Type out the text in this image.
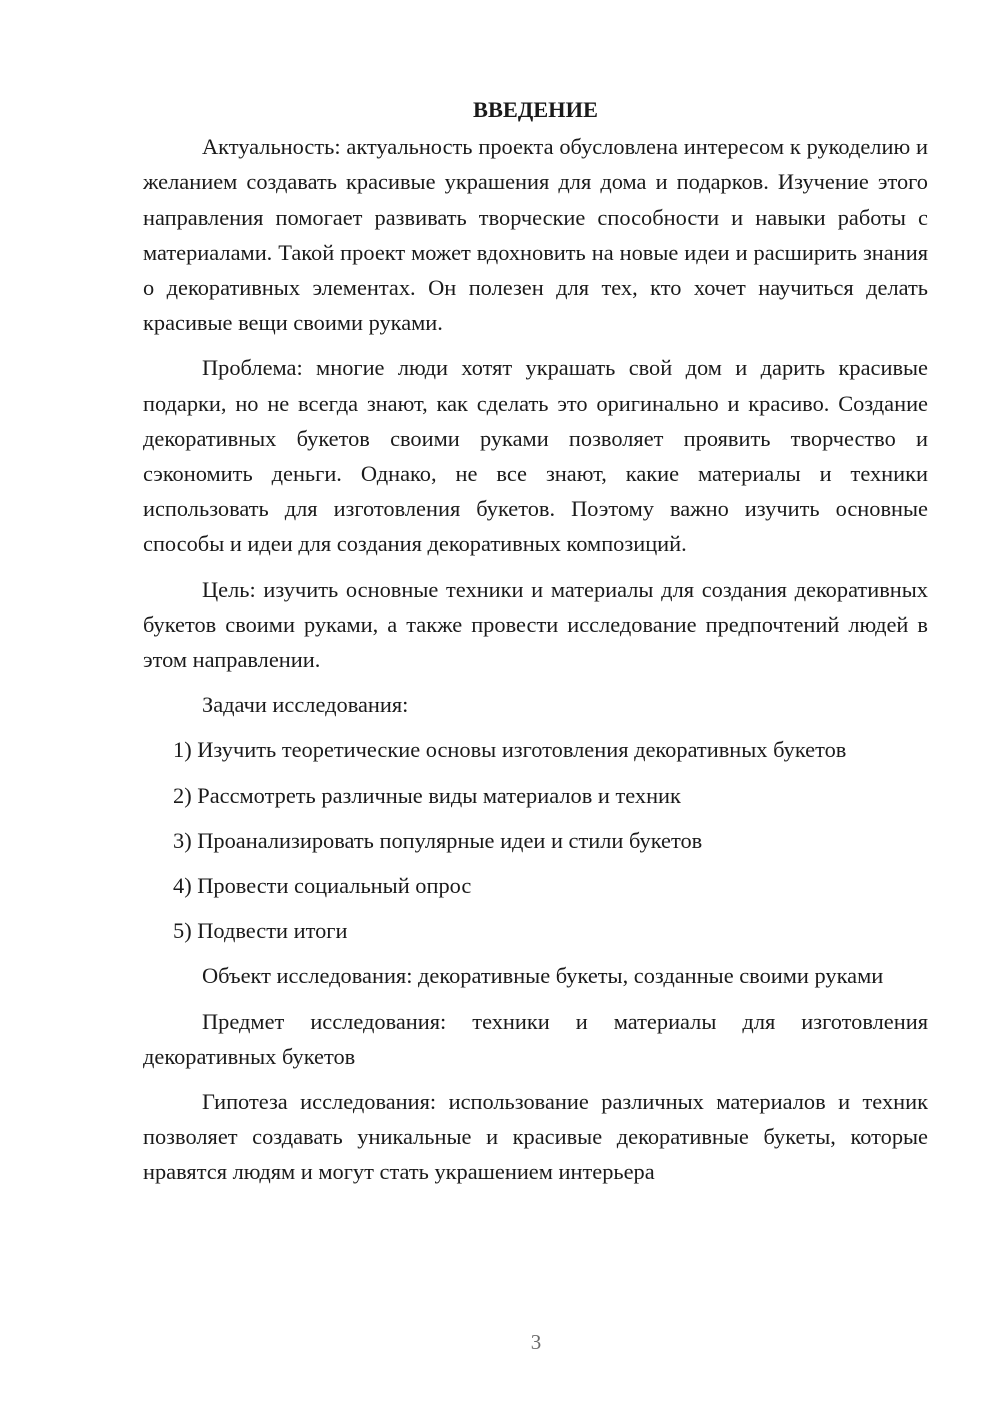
ВВЕДЕНИЕ

Актуальность: актуальность проекта обусловлена интересом к рукоделию и желанием создавать красивые украшения для дома и подарков. Изучение этого направления помогает развивать творческие способности и навыки работы с материалами. Такой проект может вдохновить на новые идеи и расширить знания о декоративных элементах. Он полезен для тех, кто хочет научиться делать красивые вещи своими руками.

Проблема: многие люди хотят украшать свой дом и дарить красивые подарки, но не всегда знают, как сделать это оригинально и красиво. Создание декоративных букетов своими руками позволяет проявить творчество и сэкономить деньги. Однако, не все знают, какие материалы и техники использовать для изготовления букетов. Поэтому важно изучить основные способы и идеи для создания декоративных композиций.

Цель: изучить основные техники и материалы для создания декоративных букетов своими руками, а также провести исследование предпочтений людей в этом направлении.

Задачи исследования:

1) Изучить теоретические основы изготовления декоративных букетов
2) Рассмотреть различные виды материалов и техник
3) Проанализировать популярные идеи и стили букетов
4) Провести социальный опрос
5) Подвести итоги

Объект исследования: декоративные букеты, созданные своими руками

Предмет исследования: техники и материалы для изготовления декоративных букетов

Гипотеза исследования: использование различных материалов и техник позволяет создавать уникальные и красивые декоративные букеты, которые нравятся людям и могут стать украшением интерьера

3
